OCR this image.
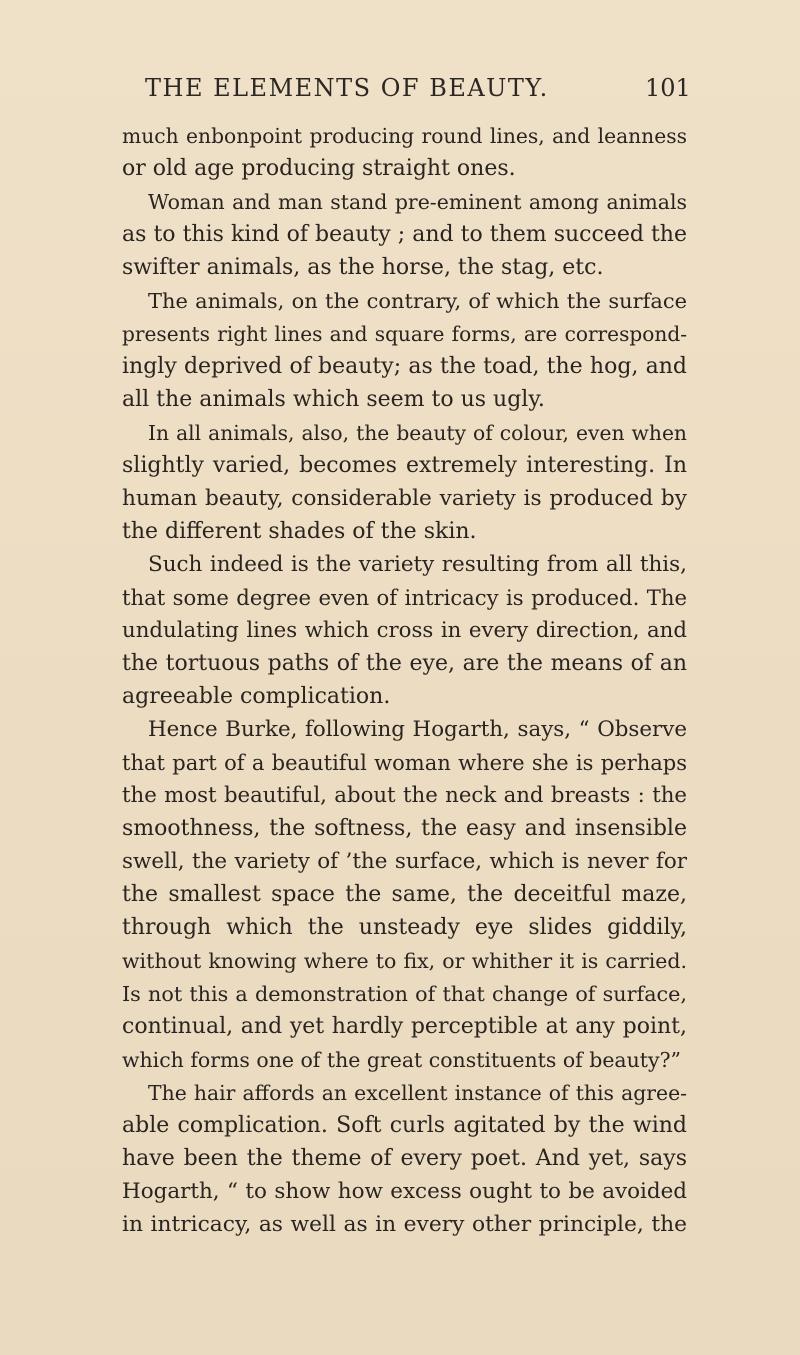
THE ELEMENTS OF BEAUTY.	101
much enbonpoint producing round lines, and leanness
or old age producing straight ones.
Woman and man stand pre-eminent among animals
as to this kind of beauty ; and to them succeed the
swifter animals, as the horse, the stag, etc.
The animals, on the contrary, of which the surface
presents right lines and square forms, are correspond-
ingly deprived of beauty; as the toad, the hog, and
all the animals which seem to us ugly.
In all animals, also, the beauty of colour, even when
slightly varied, becomes extremely interesting. In
human beauty, considerable variety is produced by
the different shades of the skin.
Such indeed is the variety resulting from all this,
that some degree even of intricacy is produced. The
undulating lines which cross in every direction, and
the tortuous paths of the eye, are the means of an
agreeable complication.
Hence Burke, following Hogarth, says, “ Observe
that part of a beautiful woman where she is perhaps
the most beautiful, about the neck and breasts : the
smoothness, the softness, the easy and insensible
swell, the variety of ’the surface, which is never for
the smallest space the same, the deceitful maze,
through which the unsteady eye slides giddily,
without knowing where to fix, or whither it is carried.
Is not this a demonstration of that change of surface,
continual, and yet hardly perceptible at any point,
which forms one of the great constituents of beauty?”
The hair affords an excellent instance of this agree-
able complication. Soft curls agitated by the wind
have been the theme of every poet. And yet, says
Hogarth, “ to show how excess ought to be avoided
in intricacy, as well as in every other principle, the
